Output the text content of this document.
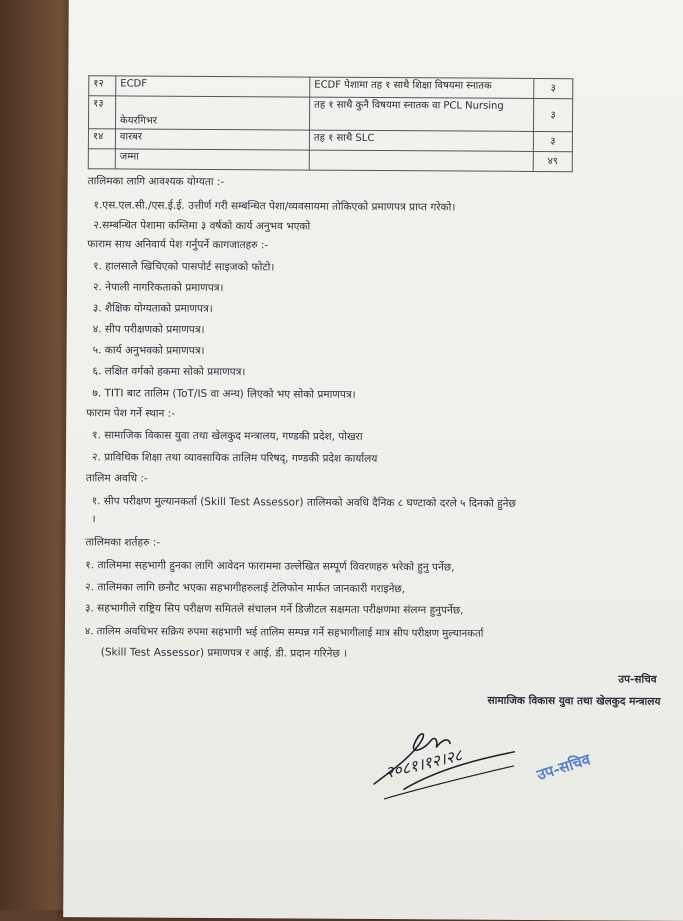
१२	ECDF	ECDF पेशामा तह १ साथै शिक्षा विषयमा स्नातक	३
१३	केयरगिभर	तह १ साथै कुनै विषयमा स्नातक वा PCL Nursing	३
१४	वारबर	तह १ साथै SLC	३
	जम्मा		४९
तालिमका लागि आवश्यक योग्यता :-
१.एस.एल.सी./एस.ई.ई. उत्तीर्ण गरी सम्बन्धित पेशा/व्यवसायमा तोकिएको प्रमाणपत्र प्राप्त गरेको।
२.सम्बन्धित पेशामा कम्तिमा ३ वर्षको कार्य अनुभव भएको
फाराम साथ अनिवार्य पेश गर्नुपर्ने कागजातहरु :-
१. हालसालै खिचिएको पासपोर्ट साइजको फोटो।
२. नेपाली नागरिकताको प्रमाणपत्र।
३. शैक्षिक योग्यताको प्रमाणपत्र।
४. सीप परीक्षणको प्रमाणपत्र।
५. कार्य अनुभवको प्रमाणपत्र।
६. लक्षित वर्गको हकमा सोको प्रमाणपत्र।
७. TITI बाट तालिम (ToT/IS वा अन्य) लिएको भए सोको प्रमाणपत्र।
फाराम पेश गर्ने स्थान :-
१. सामाजिक विकास युवा तथा खेलकुद मन्त्रालय, गण्डकी प्रदेश, पोखरा
२. प्राविधिक शिक्षा तथा व्यावसायिक तालिम परिषद्, गण्डकी प्रदेश कार्यालय
तालिम अवधि :-
१. सीप परीक्षण मुल्यानकर्ता (Skill Test Assessor) तालिमको अवधि दैनिक ८ घण्टाको दरले ५ दिनको हुनेछ
।
तालिमका शर्तहरु :-
१. तालिममा सहभागी हुनका लागि आवेदन फाराममा उल्लेखित सम्पूर्ण विवरणहरु भरेको हुनु पर्नेछ,
२. तालिमका लागि छनौट भएका सहभागीहरुलाई टेलिफोन मार्फत जानकारी गराइनेछ,
३. सहभागीले राष्ट्रिय सिप परीक्षण समितले संचालन गर्ने डिजीटल सक्षमता परीक्षणमा संलग्न हुनुपर्नेछ,
४. तालिम अवधिभर सक्रिय रुपमा सहभागी भई तालिम सम्पन्न गर्ने सहभागीलाई मात्र सीप परीक्षण मुल्यानकर्ता
(Skill Test Assessor) प्रमाणपत्र र आई. डी. प्रदान गरिनेछ ।
उप-सचिव
सामाजिक विकास युवा तथा खेलकुद मन्त्रालय
२०८१।१२।२८	उप-सचिव
